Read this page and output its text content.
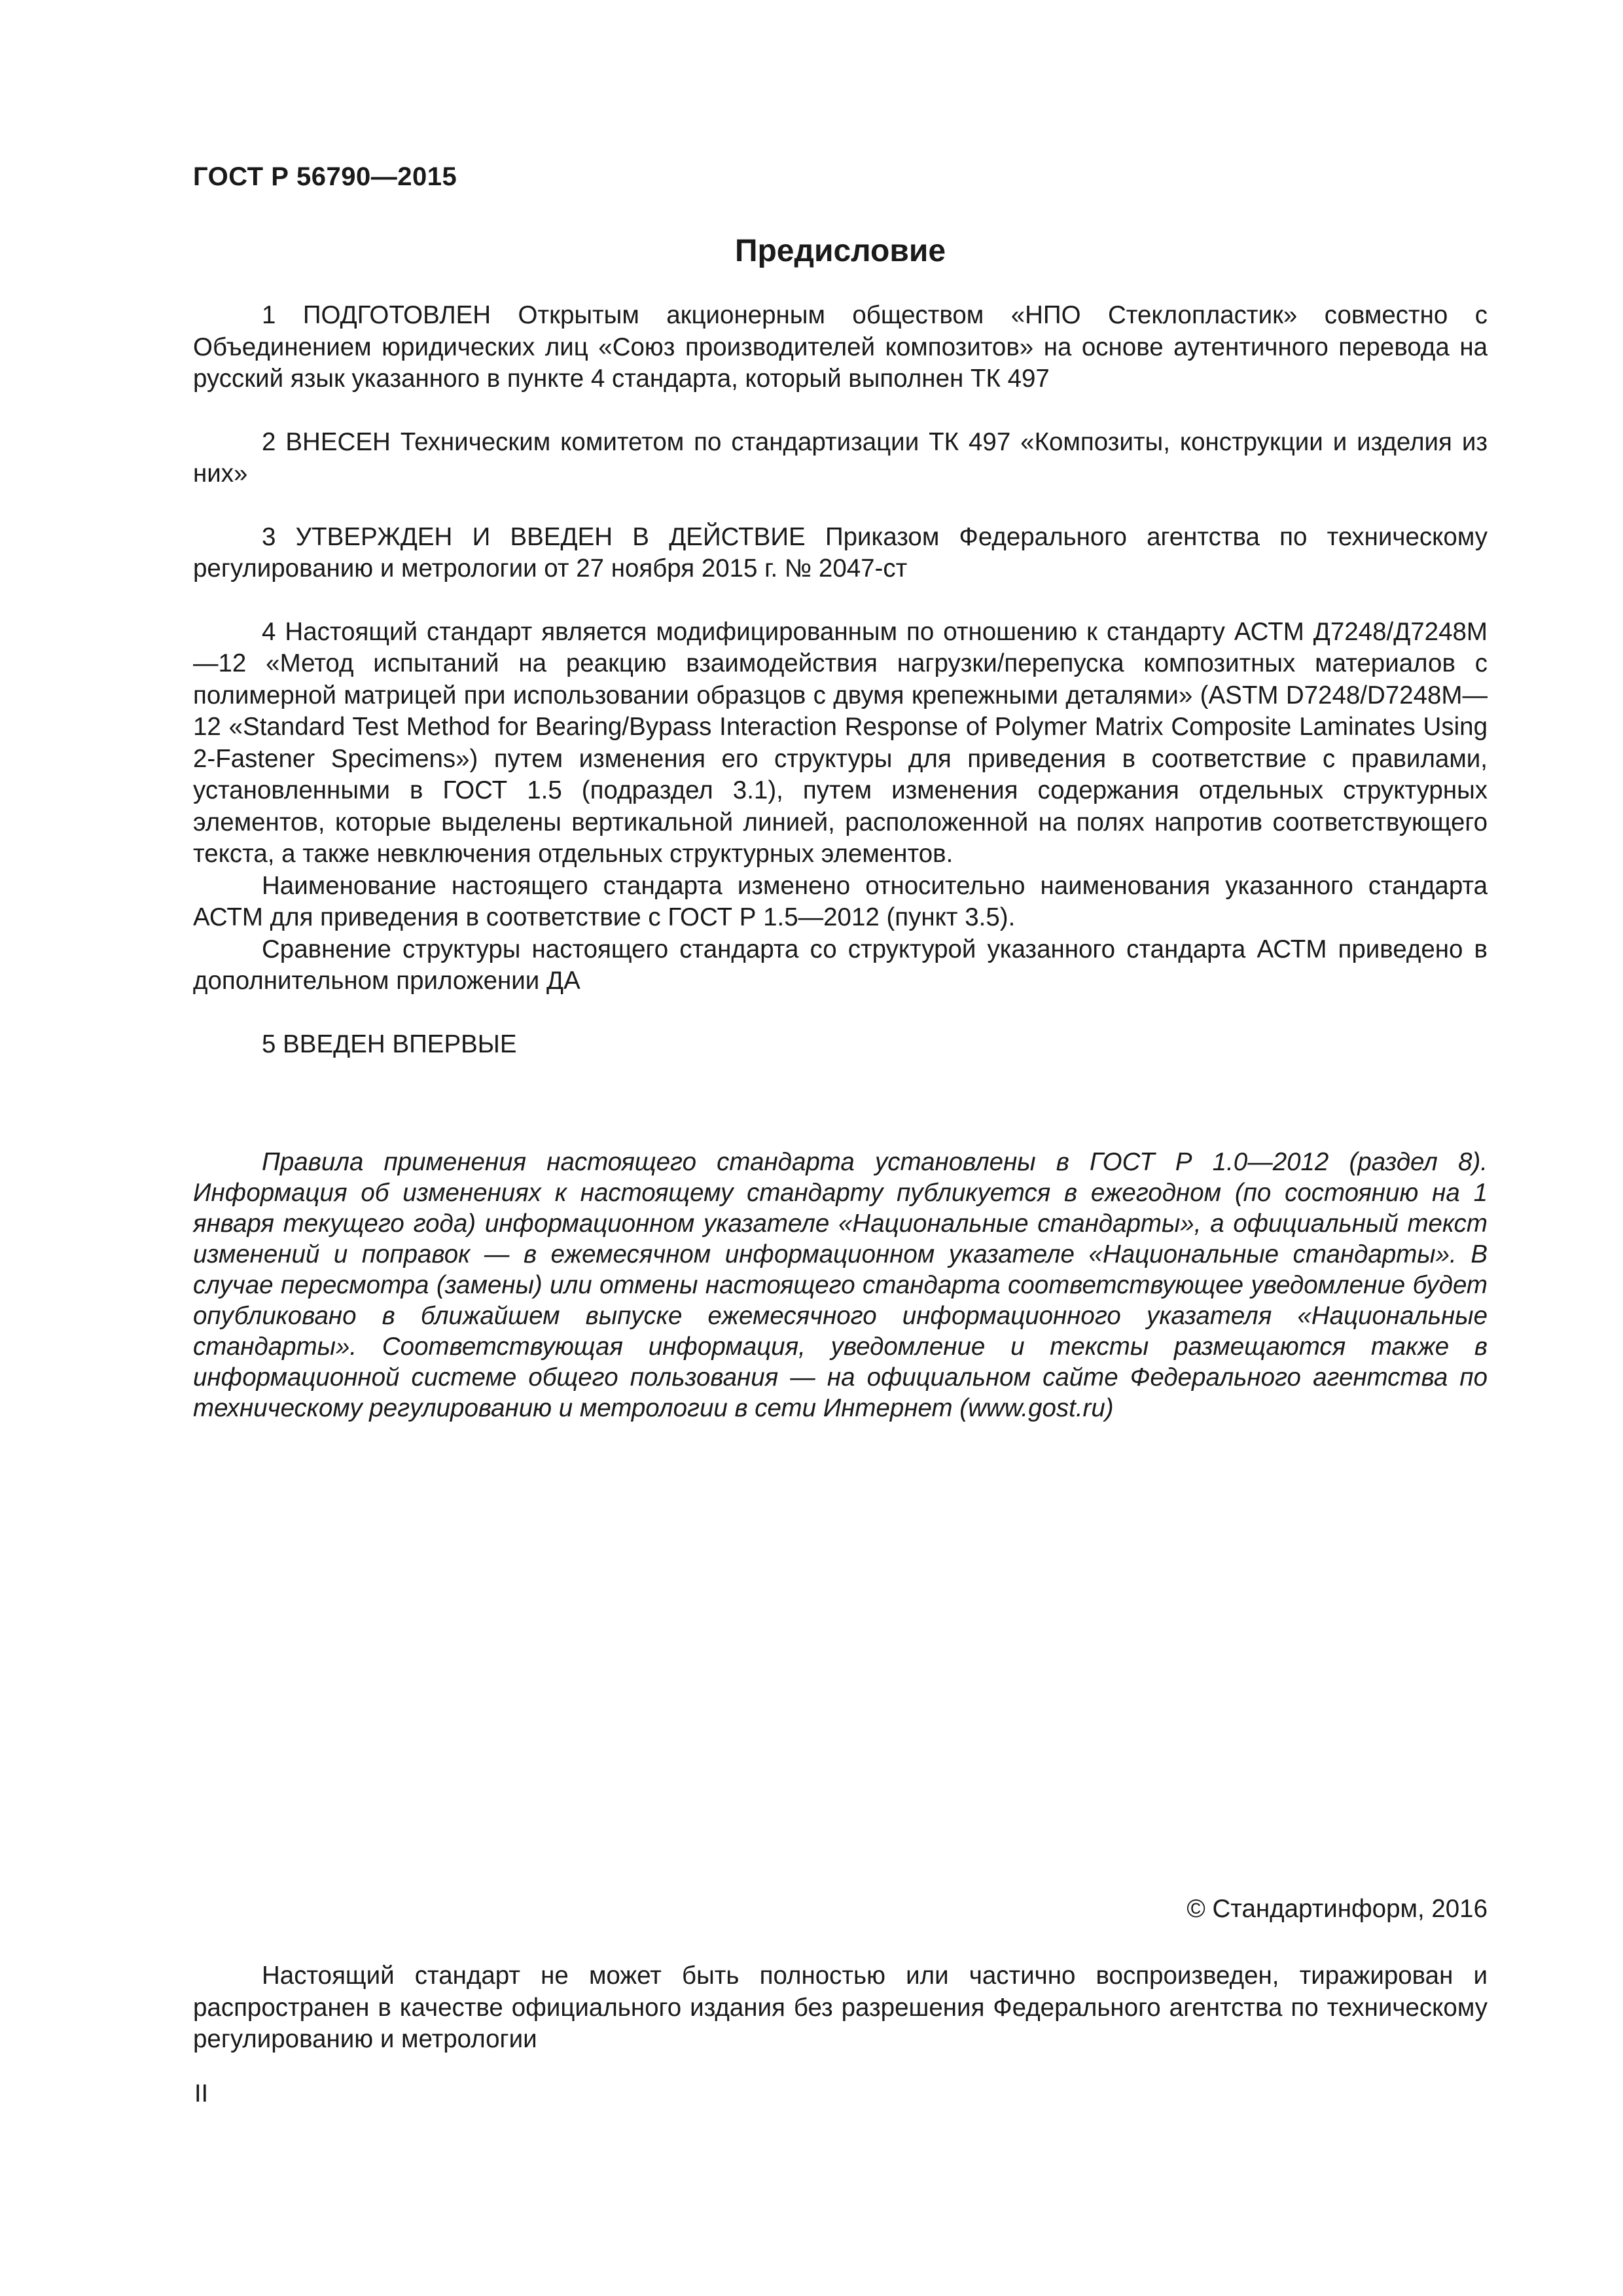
ГОСТ Р 56790—2015
Предисловие

1 ПОДГОТОВЛЕН Открытым акционерным обществом «НПО Стеклопластик» совместно с Объединением юридических лиц «Союз производителей композитов» на основе аутентичного перевода на русский язык указанного в пункте 4 стандарта, который выполнен ТК 497

2 ВНЕСЕН Техническим комитетом по стандартизации ТК 497 «Композиты, конструкции и изделия из них»

3 УТВЕРЖДЕН И ВВЕДЕН В ДЕЙСТВИЕ Приказом Федерального агентства по техническому регулированию и метрологии от 27 ноября 2015 г. № 2047-ст

4 Настоящий стандарт является модифицированным по отношению к стандарту АСТМ Д7248/Д7248М—12 «Метод испытаний на реакцию взаимодействия нагрузки/перепуска композитных материалов с полимерной матрицей при использовании образцов с двумя крепежными деталями» (ASTM D7248/D7248M—12 «Standard Test Method for Bearing/Bypass Interaction Response of Polymer Matrix Composite Laminates Using 2-Fastener Specimens») путем изменения его структуры для приведения в соответствие с правилами, установленными в ГОСТ 1.5 (подраздел 3.1), путем изменения содержания отдельных структурных элементов, которые выделены вертикальной линией, расположенной на полях напротив соответствующего текста, а также невключения отдельных структурных элементов.

Наименование настоящего стандарта изменено относительно наименования указанного стандарта АСТМ для приведения в соответствие с ГОСТ Р 1.5—2012 (пункт 3.5).

Сравнение структуры настоящего стандарта со структурой указанного стандарта АСТМ приведено в дополнительном приложении ДА

5 ВВЕДЕН ВПЕРВЫЕ

Правила применения настоящего стандарта установлены в ГОСТ Р 1.0—2012 (раздел 8). Информация об изменениях к настоящему стандарту публикуется в ежегодном (по состоянию на 1 января текущего года) информационном указателе «Национальные стандарты», а официальный текст изменений и поправок — в ежемесячном информационном указателе «Национальные стандарты». В случае пересмотра (замены) или отмены настоящего стандарта соответствующее уведомление будет опубликовано в ближайшем выпуске ежемесячного информационного указателя «Национальные стандарты». Соответствующая информация, уведомление и тексты размещаются также в информационной системе общего пользования — на официальном сайте Федерального агентства по техническому регулированию и метрологии в сети Интернет (www.gost.ru)
© Стандартинформ, 2016
Настоящий стандарт не может быть полностью или частично воспроизведен, тиражирован и распространен в качестве официального издания без разрешения Федерального агентства по техническому регулированию и метрологии
II
